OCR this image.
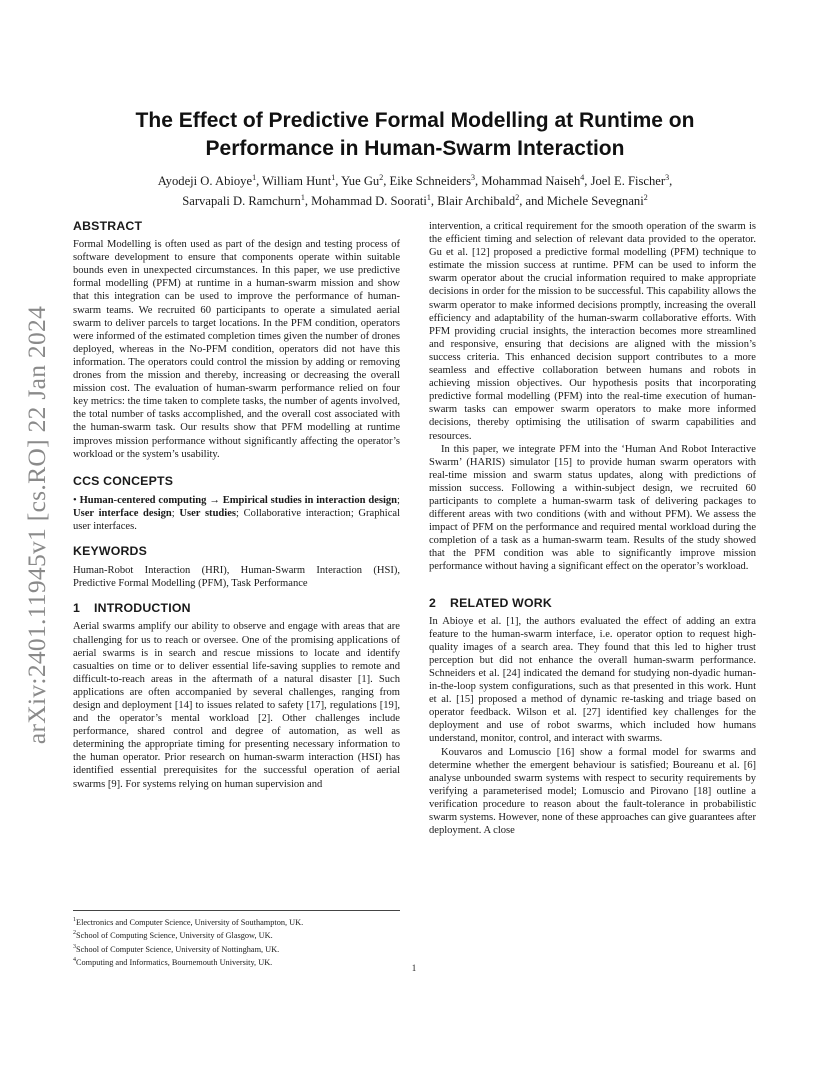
arXiv:2401.11945v1 [cs.RO] 22 Jan 2024
The Effect of Predictive Formal Modelling at Runtime on Performance in Human-Swarm Interaction
Ayodeji O. Abioye$^1$, William Hunt$^1$, Yue Gu$^2$, Eike Schneiders$^3$, Mohammad Naiseh$^4$, Joel E. Fischer$^3$,
Sarvapali D. Ramchurn$^1$, Mohammad D. Soorati$^1$, Blair Archibald$^2$, and Michele Sevegnani$^2$
ABSTRACT

Formal Modelling is often used as part of the design and testing process of software development to ensure that components operate within suitable bounds even in unexpected circumstances. In this paper, we use predictive formal modelling (PFM) at runtime in a human-swarm mission and show that this integration can be used to improve the performance of human-swarm teams. We recruited 60 participants to operate a simulated aerial swarm to deliver parcels to target locations. In the PFM condition, operators were informed of the estimated completion times given the number of drones deployed, whereas in the No-PFM condition, operators did not have this information. The operators could control the mission by adding or removing drones from the mission and thereby, increasing or decreasing the overall mission cost. The evaluation of human-swarm performance relied on four key metrics: the time taken to complete tasks, the number of agents involved, the total number of tasks accomplished, and the overall cost associated with the human-swarm task. Our results show that PFM modelling at runtime improves mission performance without significantly affecting the operator’s workload or the system’s usability.

CCS CONCEPTS

• Human-centered computing → Empirical studies in interaction design; User interface design; User studies; Collaborative interaction; Graphical user interfaces.

KEYWORDS

Human-Robot Interaction (HRI), Human-Swarm Interaction (HSI), Predictive Formal Modelling (PFM), Task Performance

1 INTRODUCTION

Aerial swarms amplify our ability to observe and engage with areas that are challenging for us to reach or oversee. One of the promising applications of aerial swarms is in search and rescue missions to locate and identify casualties on time or to deliver essential life-saving supplies to remote and difficult-to-reach areas in the aftermath of a natural disaster [1]. Such applications are often accompanied by several challenges, ranging from design and deployment [14] to issues related to safety [17], regulations [19], and the operator’s mental workload [2]. Other challenges include performance, shared control and degree of automation, as well as determining the appropriate timing for presenting necessary information to the human operator. Prior research on human-swarm interaction (HSI) has identified essential prerequisites for the successful operation of aerial swarms [9]. For systems relying on human supervision and

$^1$Electronics and Computer Science, University of Southampton, UK.
$^2$School of Computing Science, University of Glasgow, UK.
$^3$School of Computer Science, University of Nottingham, UK.
$^4$Computing and Informatics, Bournemouth University, UK.

intervention, a critical requirement for the smooth operation of the swarm is the efficient timing and selection of relevant data provided to the operator. Gu et al. [12] proposed a predictive formal modelling (PFM) technique to estimate the mission success at runtime. PFM can be used to inform the swarm operator about the crucial information required to make appropriate decisions in order for the mission to be successful. This capability allows the swarm operator to make informed decisions promptly, increasing the overall efficiency and adaptability of the human-swarm collaborative efforts. With PFM providing crucial insights, the interaction becomes more streamlined and responsive, ensuring that decisions are aligned with the mission’s success criteria. This enhanced decision support contributes to a more seamless and effective collaboration between humans and robots in achieving mission objectives. Our hypothesis posits that incorporating predictive formal modelling (PFM) into the real-time execution of human-swarm tasks can empower swarm operators to make more informed decisions, thereby optimising the utilisation of swarm capabilities and resources.

In this paper, we integrate PFM into the ‘Human And Robot Interactive Swarm’ (HARIS) simulator [15] to provide human swarm operators with real-time mission and swarm status updates, along with predictions of mission success. Following a within-subject design, we recruited 60 participants to complete a human-swarm task of delivering packages to different areas with two conditions (with and without PFM). We assess the impact of PFM on the performance and required mental workload during the completion of a task as a human-swarm team. Results of the study showed that the PFM condition was able to significantly improve mission performance without having a significant effect on the operator’s workload.

2 RELATED WORK

In Abioye et al. [1], the authors evaluated the effect of adding an extra feature to the human-swarm interface, i.e. operator option to request high-quality images of a search area. They found that this led to higher trust perception but did not enhance the overall human-swarm performance. Schneiders et al. [24] indicated the demand for studying non-dyadic human-in-the-loop system configurations, such as that presented in this work. Hunt et al. [15] proposed a method of dynamic re-tasking and triage based on operator feedback. Wilson et al. [27] identified key challenges for the deployment and use of robot swarms, which included how humans understand, monitor, control, and interact with swarms.

Kouvaros and Lomuscio [16] show a formal model for swarms and determine whether the emergent behaviour is satisfied; Boureanu et al. [6] analyse unbounded swarm systems with respect to security requirements by verifying a parameterised model; Lomuscio and Pirovano [18] outline a verification procedure to reason about the fault-tolerance in probabilistic swarm systems. However, none of these approaches can give guarantees after deployment. A close

1
